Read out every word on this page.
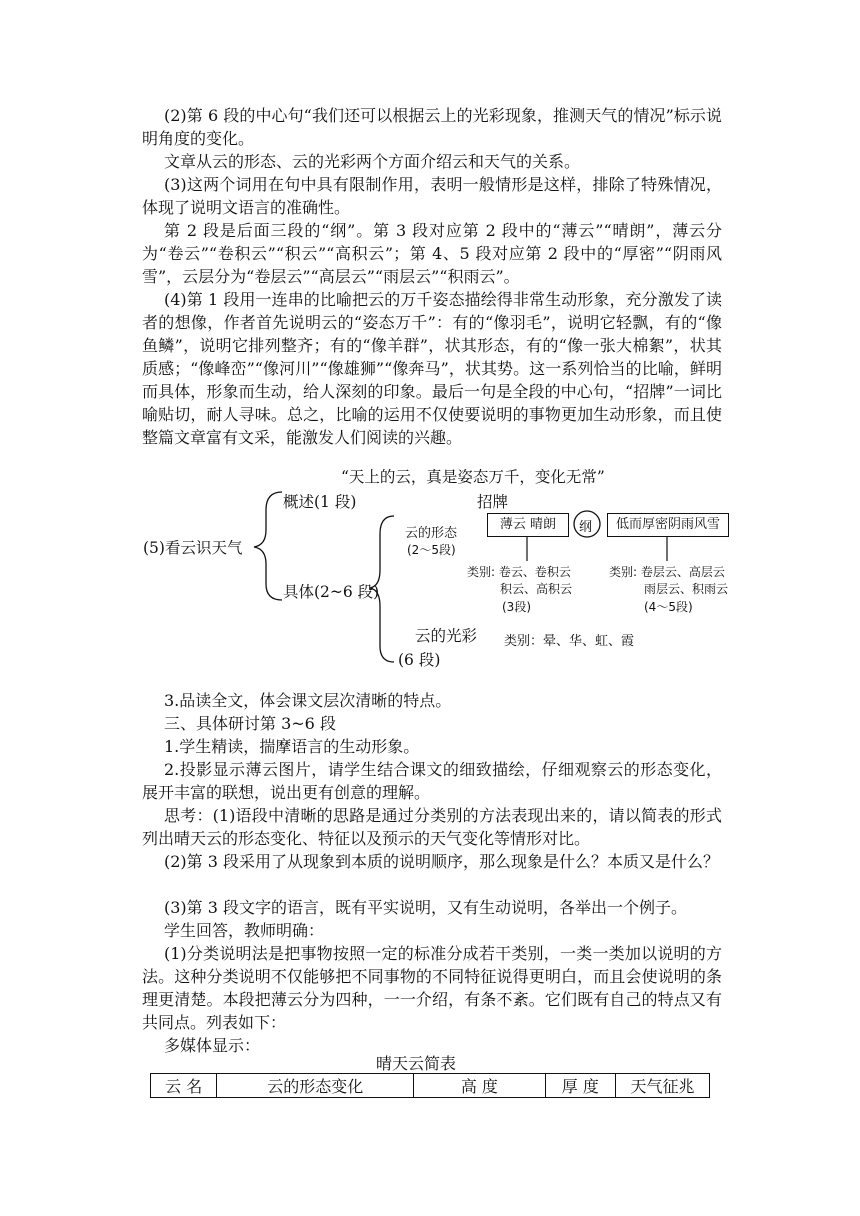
(2)第 6 段的中心句“我们还可以根据云上的光彩现象，推测天气的情况”标示说明角度的变化。

文章从云的形态、云的光彩两个方面介绍云和天气的关系。

(3)这两个词用在句中具有限制作用，表明一般情形是这样，排除了特殊情况，体现了说明文语言的准确性。

第 2 段是后面三段的“纲”。第 3 段对应第 2 段中的“薄云”“晴朗”，薄云分为“卷云”“卷积云”“积云”“高积云”；第 4、5 段对应第 2 段中的“厚密”“阴雨风雪”，云层分为“卷层云”“高层云”“雨层云”“积雨云”。

(4)第 1 段用一连串的比喻把云的万千姿态描绘得非常生动形象，充分激发了读者的想像，作者首先说明云的“姿态万千”：有的“像羽毛”，说明它轻飘，有的“像鱼鳞”，说明它排列整齐；有的“像羊群”，状其形态，有的“像一张大棉絮”，状其质感；“像峰峦”“像河川”“像雄狮”“像奔马”，状其势。这一系列恰当的比喻，鲜明而具体，形象而生动，给人深刻的印象。最后一句是全段的中心句，“招牌”一词比喻贴切，耐人寻味。总之，比喻的运用不仅使要说明的事物更加生动形象，而且使整篇文章富有文采，能激发人们阅读的兴趣。

“天上的云，真是姿态万千，变化无常”
招牌
(5)看云识天气
概述(1 段)
具体(2~6 段)
云的形态
(2～5段)
薄云 晴朗	纲	低而厚密阴雨风雪
类别: 卷云、卷积云
积云、高积云
(3段)
类别: 卷层云、高层云
雨层云、积雨云
(4～5段)
云的光彩
(6 段)
类别：晕、华、虹、霞

3.品读全文，体会课文层次清晰的特点。

三、具体研讨第 3~6 段

1.学生精读，揣摩语言的生动形象。

2.投影显示薄云图片，请学生结合课文的细致描绘，仔细观察云的形态变化，展开丰富的联想，说出更有创意的理解。

思考：(1)语段中清晰的思路是通过分类别的方法表现出来的，请以简表的形式列出晴天云的形态变化、特征以及预示的天气变化等情形对比。

(2)第 3 段采用了从现象到本质的说明顺序，那么现象是什么？本质又是什么？

(3)第 3 段文字的语言，既有平实说明，又有生动说明，各举出一个例子。

学生回答，教师明确：

(1)分类说明法是把事物按照一定的标准分成若干类别，一类一类加以说明的方法。这种分类说明不仅能够把不同事物的不同特征说得更明白，而且会使说明的条理更清楚。本段把薄云分为四种，一一介绍，有条不紊。它们既有自己的特点又有共同点。列表如下：

多媒体显示：

晴天云简表
云 名	云的形态变化	高 度	厚 度	天气征兆
